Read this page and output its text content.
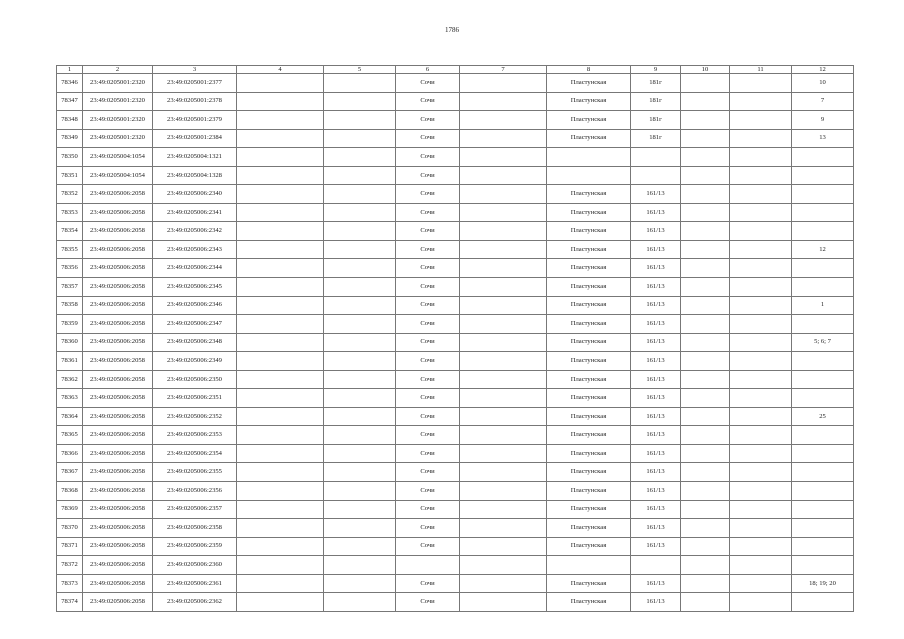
1786
1	2	3	4	5	6	7	8	9	10	11	12
78346	23:49:0205001:2320	23:49:0205001:2377			Сочи		Пластунская	181г			10
78347	23:49:0205001:2320	23:49:0205001:2378			Сочи		Пластунская	181г			7
78348	23:49:0205001:2320	23:49:0205001:2379			Сочи		Пластунская	181г			9
78349	23:49:0205001:2320	23:49:0205001:2384			Сочи		Пластунская	181г			13
78350	23:49:0205004:1054	23:49:0205004:1321			Сочи						
78351	23:49:0205004:1054	23:49:0205004:1328			Сочи						
78352	23:49:0205006:2058	23:49:0205006:2340			Сочи		Пластунская	161/13			
78353	23:49:0205006:2058	23:49:0205006:2341			Сочи		Пластунская	161/13			
78354	23:49:0205006:2058	23:49:0205006:2342			Сочи		Пластунская	161/13			
78355	23:49:0205006:2058	23:49:0205006:2343			Сочи		Пластунская	161/13			12
78356	23:49:0205006:2058	23:49:0205006:2344			Сочи		Пластунская	161/13			
78357	23:49:0205006:2058	23:49:0205006:2345			Сочи		Пластунская	161/13			
78358	23:49:0205006:2058	23:49:0205006:2346			Сочи		Пластунская	161/13			1
78359	23:49:0205006:2058	23:49:0205006:2347			Сочи		Пластунская	161/13			
78360	23:49:0205006:2058	23:49:0205006:2348			Сочи		Пластунская	161/13			5; 6; 7
78361	23:49:0205006:2058	23:49:0205006:2349			Сочи		Пластунская	161/13			
78362	23:49:0205006:2058	23:49:0205006:2350			Сочи		Пластунская	161/13			
78363	23:49:0205006:2058	23:49:0205006:2351			Сочи		Пластунская	161/13			
78364	23:49:0205006:2058	23:49:0205006:2352			Сочи		Пластунская	161/13			25
78365	23:49:0205006:2058	23:49:0205006:2353			Сочи		Пластунская	161/13			
78366	23:49:0205006:2058	23:49:0205006:2354			Сочи		Пластунская	161/13			
78367	23:49:0205006:2058	23:49:0205006:2355			Сочи		Пластунская	161/13			
78368	23:49:0205006:2058	23:49:0205006:2356			Сочи		Пластунская	161/13			
78369	23:49:0205006:2058	23:49:0205006:2357			Сочи		Пластунская	161/13			
78370	23:49:0205006:2058	23:49:0205006:2358			Сочи		Пластунская	161/13			
78371	23:49:0205006:2058	23:49:0205006:2359			Сочи		Пластунская	161/13			
78372	23:49:0205006:2058	23:49:0205006:2360									
78373	23:49:0205006:2058	23:49:0205006:2361			Сочи		Пластунская	161/13			18; 19; 20
78374	23:49:0205006:2058	23:49:0205006:2362			Сочи		Пластунская	161/13			
